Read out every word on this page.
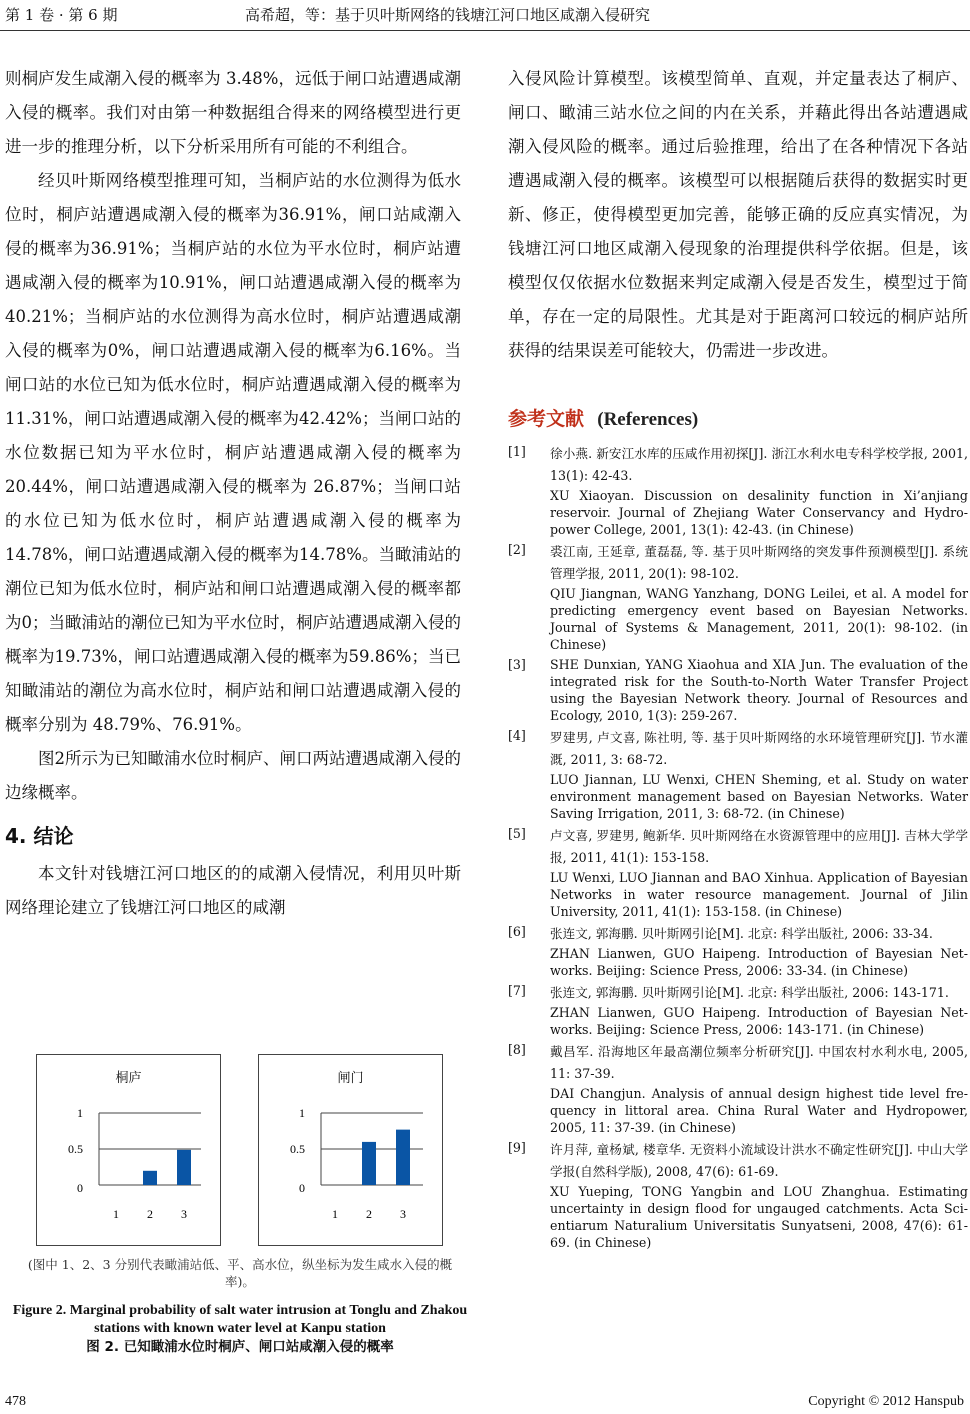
第 1 卷 · 第 6 期	高希超，等：基于贝叶斯网络的钱塘江河口地区咸潮入侵研究

则桐庐发生咸潮入侵的概率为 3.48%，远低于闸口站遭遇咸潮入侵的概率。我们对由第一种数据组合得来的网络模型进行更进一步的推理分析，以下分析采用所有可能的不利组合。

经贝叶斯网络模型推理可知，当桐庐站的水位测得为低水位时，桐庐站遭遇咸潮入侵的概率为36.91%，闸口站咸潮入侵的概率为36.91%；当桐庐站的水位为平水位时，桐庐站遭遇咸潮入侵的概率为10.91%，闸口站遭遇咸潮入侵的概率为40.21%；当桐庐站的水位测得为高水位时，桐庐站遭遇咸潮入侵的概率为0%，闸口站遭遇咸潮入侵的概率为6.16%。当闸口站的水位已知为低水位时，桐庐站遭遇咸潮入侵的概率为 11.31%，闸口站遭遇咸潮入侵的概率为42.42%；当闸口站的水位数据已知为平水位时，桐庐站遭遇咸潮入侵的概率为20.44%，闸口站遭遇咸潮入侵的概率为 26.87%；当闸口站的水位已知为低水位时，桐庐站遭遇咸潮入侵的概率为14.78%，闸口站遭遇咸潮入侵的概率为14.78%。当瞰浦站的潮位已知为低水位时，桐庐站和闸口站遭遇咸潮入侵的概率都为0；当瞰浦站的潮位已知为平水位时，桐庐站遭遇咸潮入侵的概率为19.73%，闸口站遭遇咸潮入侵的概率为59.86%；当已知瞰浦站的潮位为高水位时，桐庐站和闸口站遭遇咸潮入侵的概率分别为 48.79%、76.91%。

图2所示为已知瞰浦水位时桐庐、闸口两站遭遇咸潮入侵的边缘概率。

4. 结论

本文针对钱塘江河口地区的的咸潮入侵情况，利用贝叶斯网络理论建立了钱塘江河口地区的咸潮

桐庐
0
0.5
1
1 2 3
闸门
0
0.5
1
1 2 3
(图中 1、2、3 分别代表瞰浦站低、平、高水位，纵坐标为发生咸水入侵的概率)。
Figure 2. Marginal probability of salt water intrusion at Tonglu and Zhakou stations with known water level at Kanpu station
图 2. 已知瞰浦水位时桐庐、闸口站咸潮入侵的概率

入侵风险计算模型。该模型简单、直观，并定量表达了桐庐、闸口、瞰浦三站水位之间的内在关系，并藉此得出各站遭遇咸潮入侵风险的概率。通过后验推理，给出了在各种情况下各站遭遇咸潮入侵的概率。该模型可以根据随后获得的数据实时更新、修正，使得模型更加完善，能够正确的反应真实情况，为钱塘江河口地区咸潮入侵现象的治理提供科学依据。但是，该模型仅仅依据水位数据来判定咸潮入侵是否发生，模型过于简单，存在一定的局限性。尤其是对于距离河口较远的桐庐站所获得的结果误差可能较大，仍需进一步改进。

参考文献 (References)
[1]	徐小燕. 新安江水库的压咸作用初探[J]. 浙江水利水电专科学校学报, 2001, 13(1): 42-43.
XU Xiaoyan. Discussion on desalinity function in Xi’anjiang reservoir. Journal of Zhejiang Water Conservancy and Hydro-power College, 2001, 13(1): 42-43. (in Chinese)
[2]	裘江南, 王延章, 董磊磊, 等. 基于贝叶斯网络的突发事件预测模型[J]. 系统管理学报, 2011, 20(1): 98-102.
QIU Jiangnan, WANG Yanzhang, DONG Leilei, et al. A model for predicting emergency event based on Bayesian Networks. Journal of Systems & Management, 2011, 20(1): 98-102. (in Chinese)
[3]	SHE Dunxian, YANG Xiaohua and XIA Jun. The evaluation of the integrated risk for the South-to-North Water Transfer Project using the Bayesian Network theory. Journal of Resources and Ecology, 2010, 1(3): 259-267.
[4]	罗建男, 卢文喜, 陈社明, 等. 基于贝叶斯网络的水环境管理研究[J]. 节水灌溉, 2011, 3: 68-72.
LUO Jiannan, LU Wenxi, CHEN Sheming, et al. Study on water environment management based on Bayesian Networks. Water Saving Irrigation, 2011, 3: 68-72. (in Chinese)
[5]	卢文喜, 罗建男, 鲍新华. 贝叶斯网络在水资源管理中的应用[J]. 吉林大学学报, 2011, 41(1): 153-158.
LU Wenxi, LUO Jiannan and BAO Xinhua. Application of Bayesian Networks in water resource management. Journal of Jilin University, 2011, 41(1): 153-158. (in Chinese)
[6]	张连文, 郭海鹏. 贝叶斯网引论[M]. 北京: 科学出版社, 2006: 33-34.
ZHAN Lianwen, GUO Haipeng. Introduction of Bayesian Net-works. Beijing: Science Press, 2006: 33-34. (in Chinese)
[7]	张连文, 郭海鹏. 贝叶斯网引论[M]. 北京: 科学出版社, 2006: 143-171.
ZHAN Lianwen, GUO Haipeng. Introduction of Bayesian Net-works. Beijing: Science Press, 2006: 143-171. (in Chinese)
[8]	戴昌军. 沿海地区年最高潮位频率分析研究[J]. 中国农村水利水电, 2005, 11: 37-39.
DAI Changjun. Analysis of annual design highest tide level fre-quency in littoral area. China Rural Water and Hydropower, 2005, 11: 37-39. (in Chinese)
[9]	许月萍, 童杨斌, 楼章华. 无资料小流域设计洪水不确定性研究[J]. 中山大学学报(自然科学版), 2008, 47(6): 61-69.
XU Yueping, TONG Yangbin and LOU Zhanghua. Estimating uncertainty in design flood for ungauged catchments. Acta Sci-entiarum Naturalium Universitatis Sunyatseni, 2008, 47(6): 61-69. (in Chinese)
478	Copyright © 2012 Hanspub
